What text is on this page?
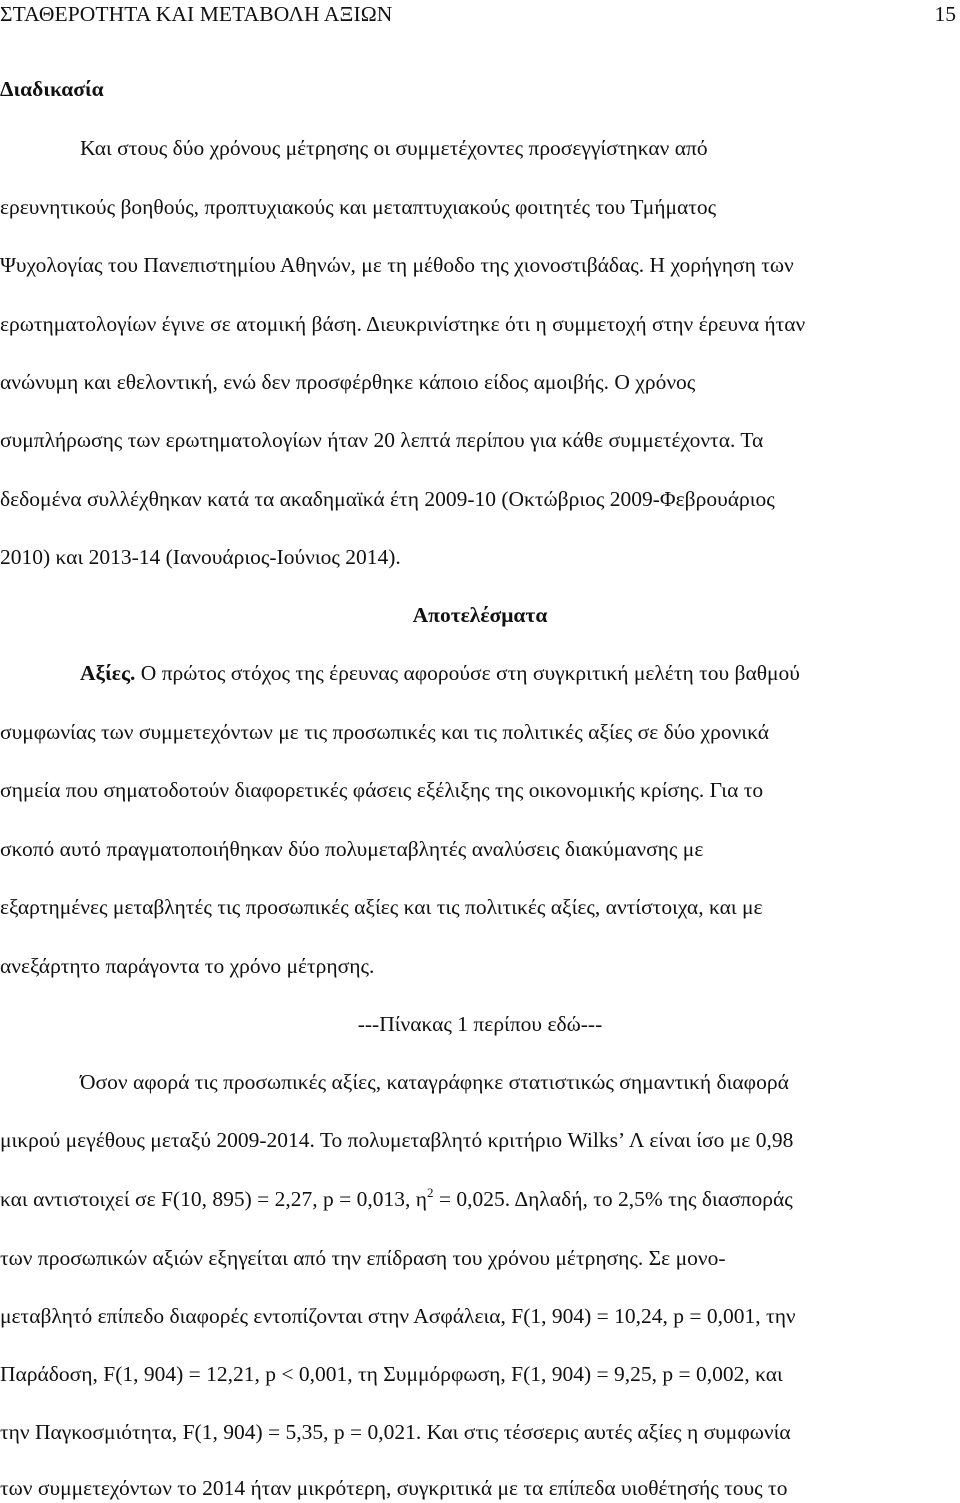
ΣΤΑΘΕΡΟΤΗΤΑ ΚΑΙ ΜΕΤΑΒΟΛΗ ΑΞΙΩΝ	15
Διαδικασία
Και στους δύο χρόνους μέτρησης οι συμμετέχοντες προσεγγίστηκαν από
ερευνητικούς βοηθούς, προπτυχιακούς και μεταπτυχιακούς φοιτητές του Τμήματος
Ψυχολογίας του Πανεπιστημίου Αθηνών, με τη μέθοδο της χιονοστιβάδας. Η χορήγηση των
ερωτηματολογίων έγινε σε ατομική βάση. Διευκρινίστηκε ότι η συμμετοχή στην έρευνα ήταν
ανώνυμη και εθελοντική, ενώ δεν προσφέρθηκε κάποιο είδος αμοιβής. Ο χρόνος
συμπλήρωσης των ερωτηματολογίων ήταν 20 λεπτά περίπου για κάθε συμμετέχοντα. Τα
δεδομένα συλλέχθηκαν κατά τα ακαδημαϊκά έτη 2009-10 (Οκτώβριος 2009-Φεβρουάριος
2010) και 2013-14 (Ιανουάριος-Ιούνιος 2014).
Αποτελέσματα
Αξίες. Ο πρώτος στόχος της έρευνας αφορούσε στη συγκριτική μελέτη του βαθμού
συμφωνίας των συμμετεχόντων με τις προσωπικές και τις πολιτικές αξίες σε δύο χρονικά
σημεία που σηματοδοτούν διαφορετικές φάσεις εξέλιξης της οικονομικής κρίσης. Για το
σκοπό αυτό πραγματοποιήθηκαν δύο πολυμεταβλητές αναλύσεις διακύμανσης με
εξαρτημένες μεταβλητές τις προσωπικές αξίες και τις πολιτικές αξίες, αντίστοιχα, και με
ανεξάρτητο παράγοντα το χρόνο μέτρησης.
---Πίνακας 1 περίπου εδώ---
Όσον αφορά τις προσωπικές αξίες, καταγράφηκε στατιστικώς σημαντική διαφορά
μικρού μεγέθους μεταξύ 2009-2014. Το πολυμεταβλητό κριτήριο Wilks’ Λ είναι ίσο με 0,98
και αντιστοιχεί σε F(10, 895) = 2,27, p = 0,013, $\eta^2 = 0,025$. Δηλαδή, το 2,5% της διασποράς
των προσωπικών αξιών εξηγείται από την επίδραση του χρόνου μέτρησης. Σε μονο-
μεταβλητό επίπεδο διαφορές εντοπίζονται στην Ασφάλεια, F(1, 904) = 10,24, p = 0,001, την
Παράδοση, F(1, 904) = 12,21, p < 0,001, τη Συμμόρφωση, F(1, 904) = 9,25, p = 0,002, και
την Παγκοσμιότητα, F(1, 904) = 5,35, p = 0,021. Και στις τέσσερις αυτές αξίες η συμφωνία
των συμμετεχόντων το 2014 ήταν μικρότερη, συγκριτικά με τα επίπεδα υιοθέτησής τους το
